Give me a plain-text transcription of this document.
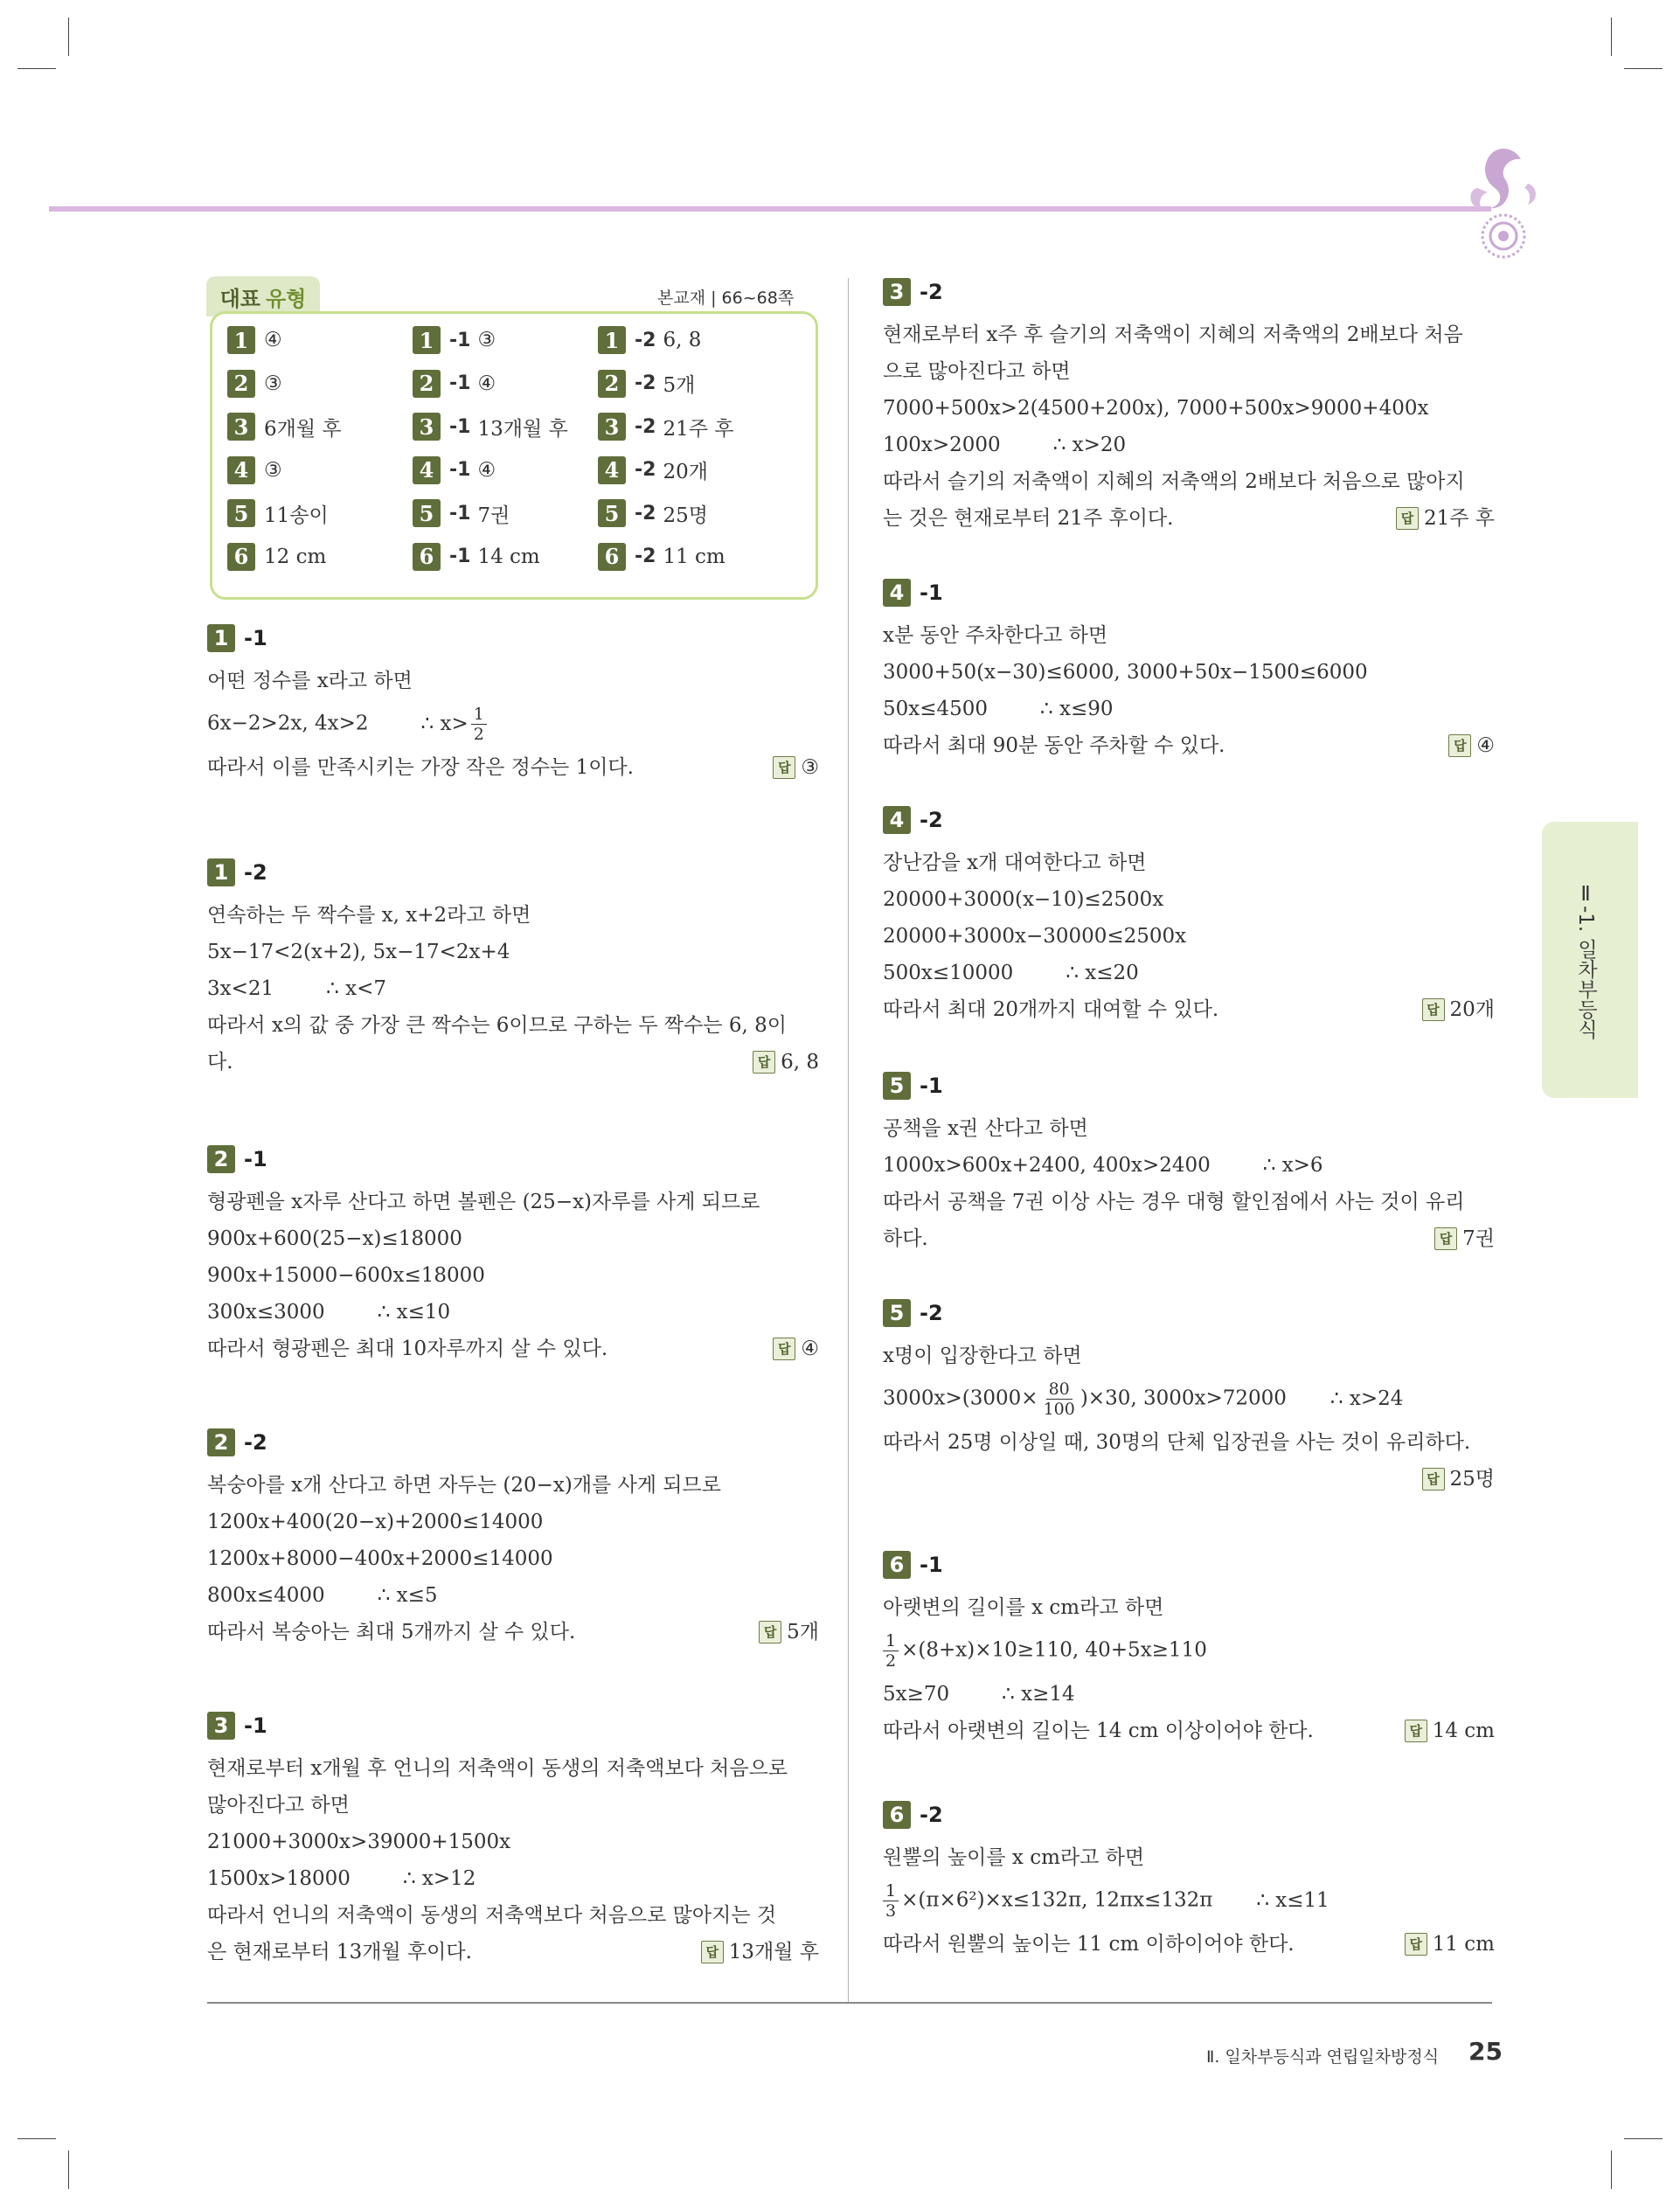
대표 유형	본교재 | 66~68쪽
1 ④	1 -1 ③	1 -2 6, 8
2 ③	2 -1 ④	2 -2 5개
3 6개월 후	3 -1 13개월 후	3 -2 21주 후
4 ③	4 -1 ④	4 -2 20개
5 11송이	5 -1 7권	5 -2 25명
6 12 cm	6 -1 14 cm	6 -2 11 cm
1 -1
어떤 정수를 x라고 하면
6x−2>2x, 4x>2	∴ $x> \frac{1}{2}$
따라서 이를 만족시키는 가장 작은 정수는 1이다.	답 ③
1 -2
연속하는 두 짝수를 x, x+2라고 하면
5x−17<2(x+2), 5x−17<2x+4
3x<21	∴ x<7
따라서 x의 값 중 가장 큰 짝수는 6이므로 구하는 두 짝수는 6, 8이
다.	답 6, 8
2 -1
형광펜을 x자루 산다고 하면 볼펜은 (25−x)자루를 사게 되므로
900x+600(25−x)≤18000
900x+15000−600x≤18000
300x≤3000	∴ x≤10
따라서 형광펜은 최대 10자루까지 살 수 있다.	답 ④
2 -2
복숭아를 x개 산다고 하면 자두는 (20−x)개를 사게 되므로
1200x+400(20−x)+2000≤14000
1200x+8000−400x+2000≤14000
800x≤4000	∴ x≤5
따라서 복숭아는 최대 5개까지 살 수 있다.	답 5개
3 -1
현재로부터 x개월 후 언니의 저축액이 동생의 저축액보다 처음으로
많아진다고 하면
21000+3000x>39000+1500x
1500x>18000	∴ x>12
따라서 언니의 저축액이 동생의 저축액보다 처음으로 많아지는 것
은 현재로부터 13개월 후이다.	답 13개월 후
3 -2
현재로부터 x주 후 슬기의 저축액이 지혜의 저축액의 2배보다 처음
으로 많아진다고 하면
7000+500x>2(4500+200x), 7000+500x>9000+400x
100x>2000	∴ x>20
따라서 슬기의 저축액이 지혜의 저축액의 2배보다 처음으로 많아지
는 것은 현재로부터 21주 후이다.	답 21주 후
4 -1
x분 동안 주차한다고 하면
3000+50(x−30)≤6000, 3000+50x−1500≤6000
50x≤4500	∴ x≤90
따라서 최대 90분 동안 주차할 수 있다.	답 ④
4 -2
장난감을 x개 대여한다고 하면
20000+3000(x−10)≤2500x
20000+3000x−30000≤2500x
500x≤10000	∴ x≤20
따라서 최대 20개까지 대여할 수 있다.	답 20개
5 -1
공책을 x권 산다고 하면
1000x>600x+2400, 400x>2400	∴ x>6
따라서 공책을 7권 이상 사는 경우 대형 할인점에서 사는 것이 유리
하다.	답 7권
5 -2
x명이 입장한다고 하면
$3000x>(3000\times \frac{80}{100} )\times 30$, 3000x>72000 ∴ x>24
따라서 25명 이상일 때, 30명의 단체 입장권을 사는 것이 유리하다.
답 25명
6 -1
아랫변의 길이를 x cm라고 하면
$\frac{1}{2} \times(8+x)\times 10\ge 110$, 40+5x≥110
5x≥70	∴ x≥14
따라서 아랫변의 길이는 14 cm 이상이어야 한다.	답 14 cm
6 -2
원뿔의 높이를 x cm라고 하면
$\frac{1}{3} \times(\pi\times 6^2)\times x\le 132\pi$, 12πx≤132π ∴ x≤11
따라서 원뿔의 높이는 11 cm 이하이어야 한다.	답 11 cm
Ⅱ-1. 일차부등식
Ⅱ. 일차부등식과 연립일차방정식 25
